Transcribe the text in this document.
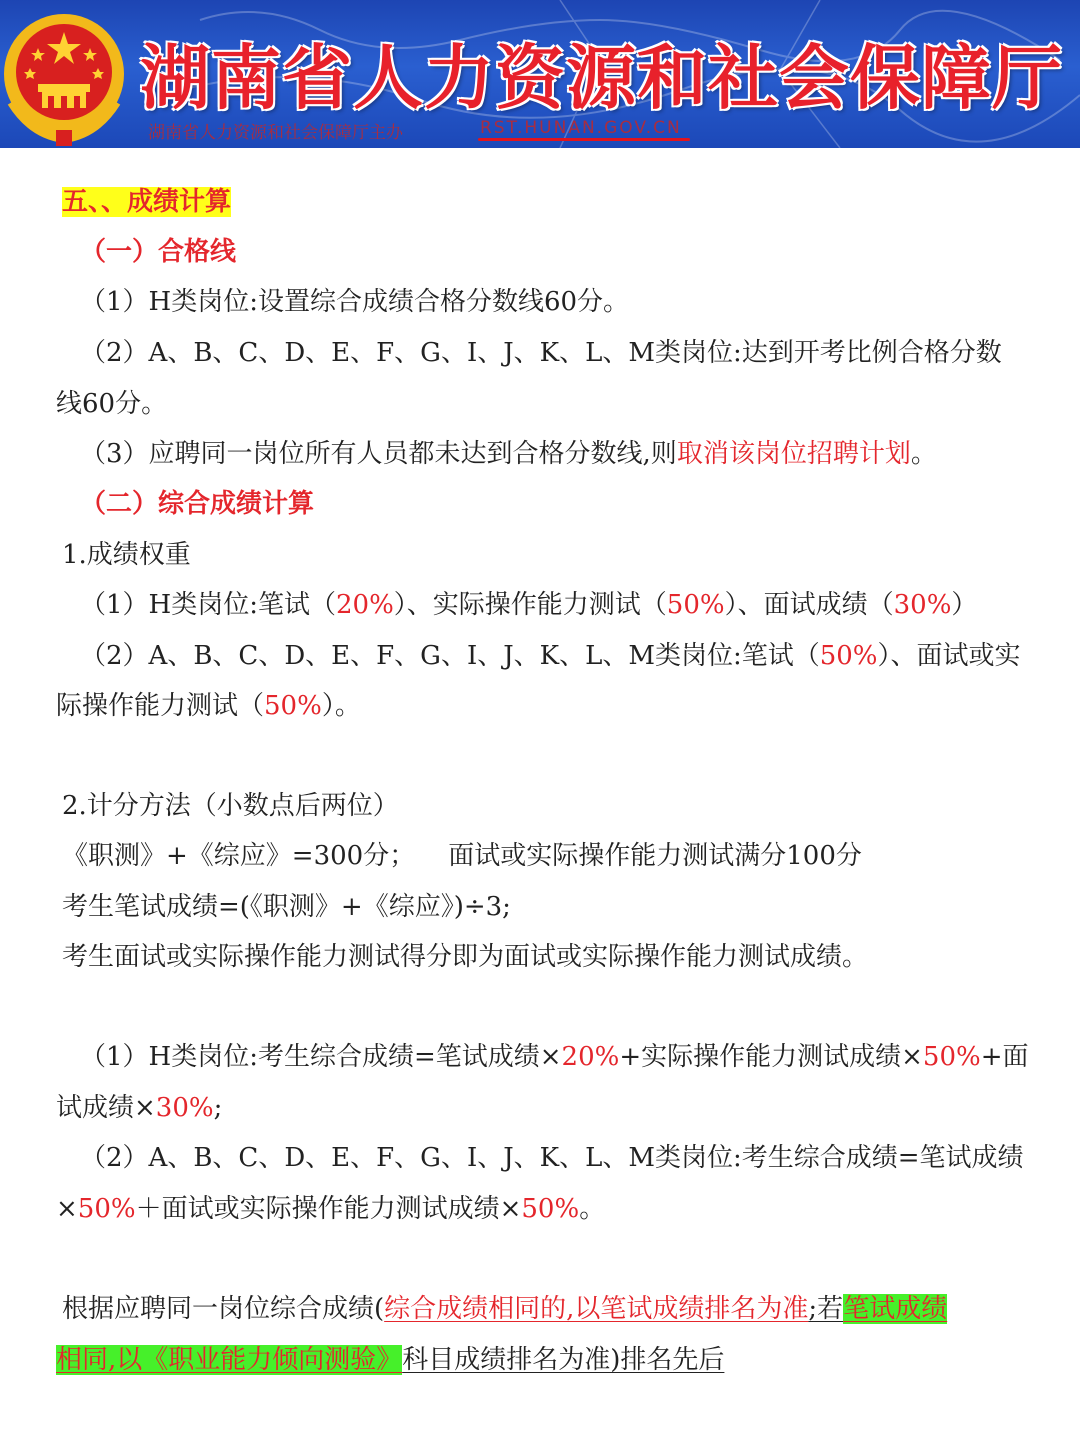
湖南省人力资源和社会保障厅
湖南省人力资源和社会保障厅主办	RST.HUNAN.GOV.CN
五、、成绩计算
（一）合格线
（1）H类岗位:设置综合成绩合格分数线60分。
（2）A、B、C、D、E、F、G、I、J、K、L、M类岗位:达到开考比例合格分数
线60分。
（3）应聘同一岗位所有人员都未达到合格分数线,则取消该岗位招聘计划。
（二）综合成绩计算
1.成绩权重
（1）H类岗位:笔试（20%）、实际操作能力测试（50%）、面试成绩（30%）
（2）A、B、C、D、E、F、G、I、J、K、L、M类岗位:笔试（50%）、面试或实
际操作能力测试（50%）。
2.计分方法（小数点后两位）
《职测》+《综应》=300分；    面试或实际操作能力测试满分100分
考生笔试成绩=(《职测》+《综应》)÷3;
考生面试或实际操作能力测试得分即为面试或实际操作能力测试成绩。
（1）H类岗位:考生综合成绩=笔试成绩×20%+实际操作能力测试成绩×50%+面
试成绩×30%;
（2）A、B、C、D、E、F、G、I、J、K、L、M类岗位:考生综合成绩=笔试成绩
×50%＋面试或实际操作能力测试成绩×50%。
根据应聘同一岗位综合成绩(综合成绩相同的,以笔试成绩排名为准;若笔试成绩
相同,以《职业能力倾向测验》科目成绩排名为准)排名先后
